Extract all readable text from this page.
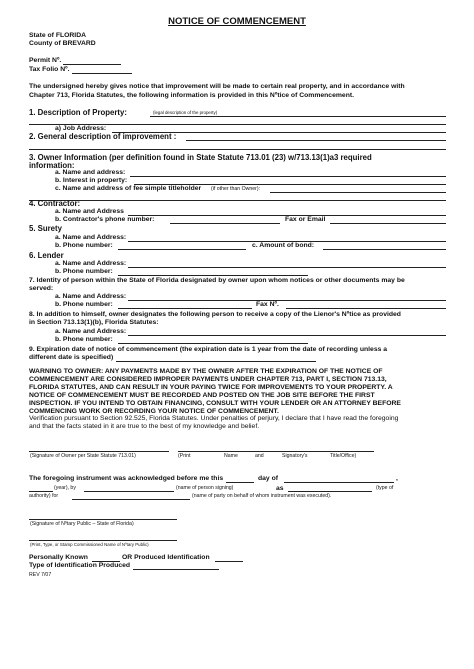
NOTICE OF COMMENCEMENT
State of FLORIDA
County of BREVARD
Permit Nº.
Tax Folio Nº.
The undersigned hereby gives notice that improvement will be made to certain real property, and in accordance with
Chapter 713, Florida Statutes, the following information is provided in this Nºtice of Commencement.
1. Description of Property:	(legal description of the property)
a) Job Address:
2. General description of improvement :
3. Owner Information (per definition found in State Statute 713.01 (23) w/713.13(1)a3 required
information:
a. Name and address:
b. Interest in property:
c. Name and address of fee simple titleholder (if other than Owner):
4. Contractor:
a. Name and Address
b. Contractor's phone number:	Fax or Email
5. Surety
a. Name and Address:
b. Phone number:	c. Amount of bond:
6. Lender
a. Name and Address:
b. Phone number:
7. Identity of person within the State of Florida designated by owner upon whom notices or other documents may be
served:
a. Name and Address:
b. Phone number:	Fax Nº.
8. In addition to himself, owner designates the following person to receive a copy of the Lienor's Nºtice as provided
in Section 713.13(1)(b), Florida Statutes:
a. Name and Address:
b. Phone number:
9. Expiration date of notice of commencement (the expiration date is 1 year from the date of recording unless a
different date is specified)
WARNING TO OWNER: ANY PAYMENTS MADE BY THE OWNER AFTER THE EXPIRATION OF THE NOTICE OF
COMMENCEMENT ARE CONSIDERED IMPROPER PAYMENTS UNDER CHAPTER 713, PART I, SECTION 713.13,
FLORIDA STATUTES, AND CAN RESULT IN YOUR PAYING TWICE FOR IMPROVEMENTS TO YOUR PROPERTY. A
NOTICE OF COMMENCEMENT MUST BE RECORDED AND POSTED ON THE JOB SITE BEFORE THE FIRST
INSPECTION. IF YOU INTEND TO OBTAIN FINANCING, CONSULT WITH YOUR LENDER OR AN ATTORNEY BEFORE
COMMENCING WORK OR RECORDING YOUR NOTICE OF COMMENCEMENT.
Verification pursuant to Section 92.525, Florida Statutes. Under penalties of perjury, I declare that I have read the foregoing
and that the facts stated in it are true to the best of my knowledge and belief.
(Signature of Owner per State Statute 713.01)	(Print	Name	and	Signatory's	Title/Office)
The foregoing instrument was acknowledged before me this	day of	,
(year), by	(name of person signing)	as	(type of
authority) for	(name of party on behalf of whom instrument was executed).
(Signature of Nºtary Public – State of Florida)
(Print, Type, or Stamp Commissioned Name of Nºtary Public)
Personally Known	OR Produced Identification
Type of Identification Produced
REV 7/07
